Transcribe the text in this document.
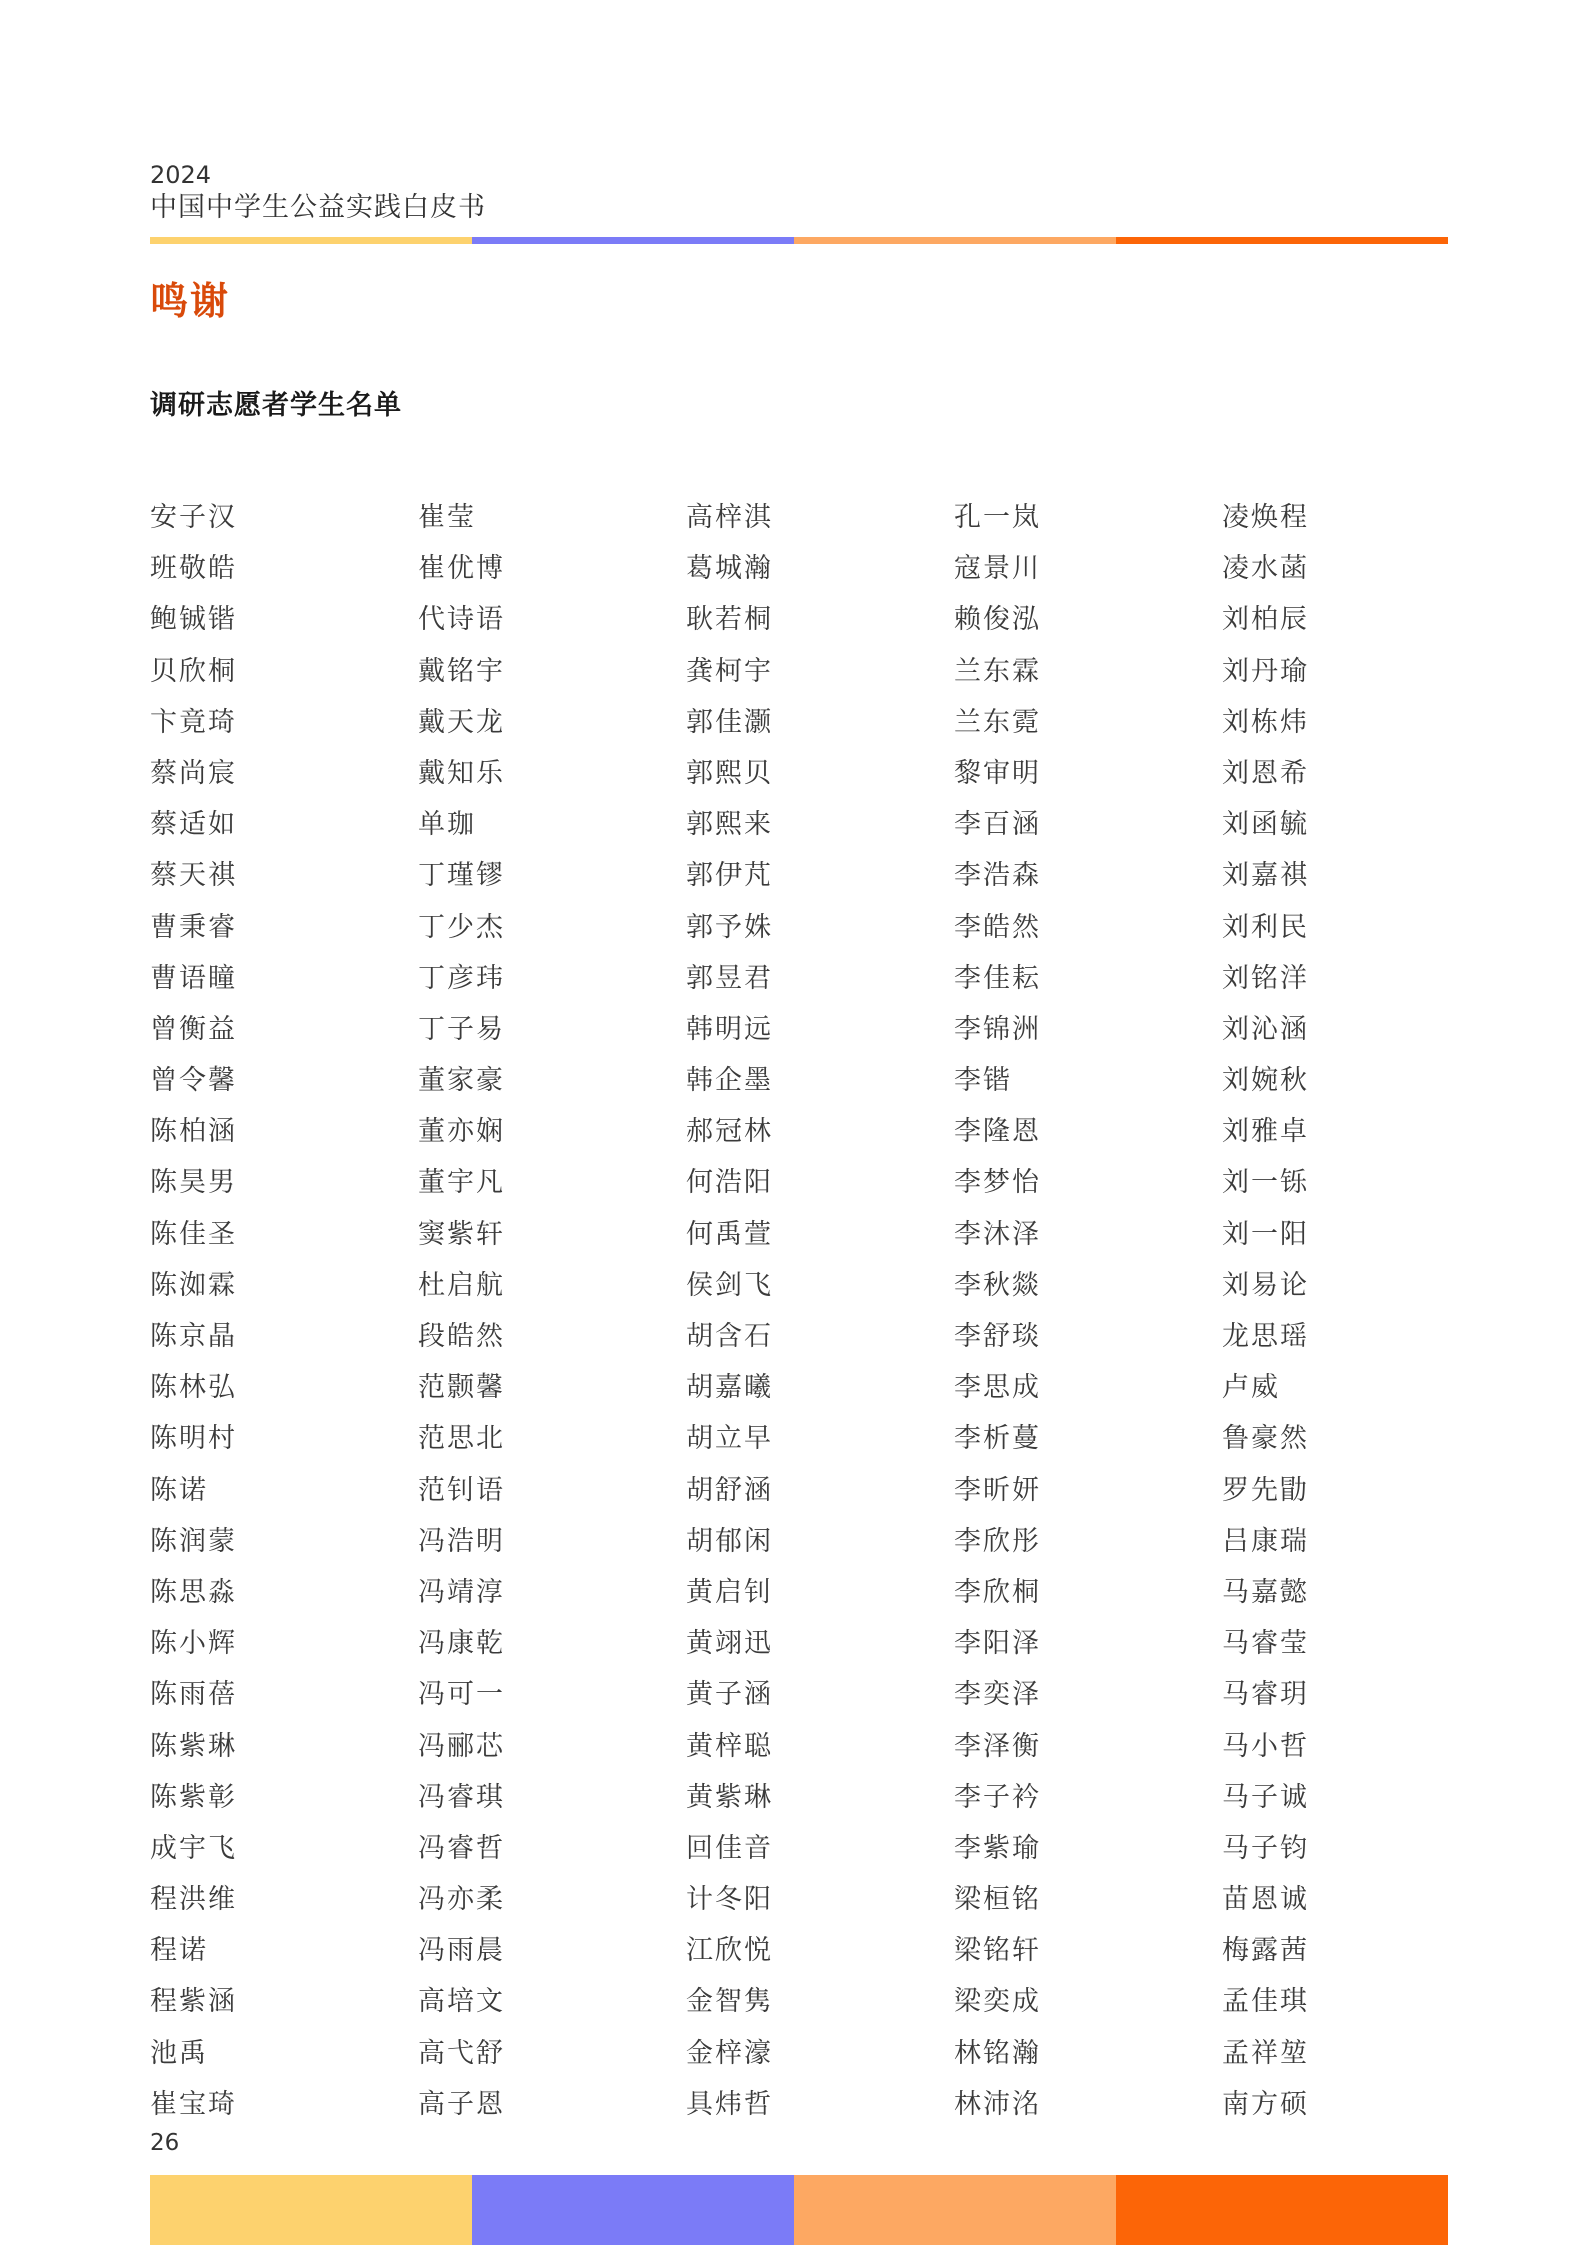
2024
中国中学生公益实践白皮书
鸣谢
调研志愿者学生名单
安子汉
班敬皓
鲍铖锴
贝欣桐
卞竟琦
蔡尚宸
蔡适如
蔡天祺
曹秉睿
曹语瞳
曾衡益
曾令馨
陈柏涵
陈昊男
陈佳圣
陈洳霖
陈京晶
陈林弘
陈明村
陈诺
陈润蒙
陈思淼
陈小辉
陈雨蓓
陈紫琳
陈紫彰
成宇飞
程洪维
程诺
程紫涵
池禹
崔宝琦
崔莹
崔优博
代诗语
戴铭宇
戴天龙
戴知乐
单珈
丁瑾镠
丁少杰
丁彦玮
丁子易
董家豪
董亦娴
董宇凡
窦紫轩
杜启航
段皓然
范颢馨
范思北
范钊语
冯浩明
冯靖淳
冯康乾
冯可一
冯郦芯
冯睿琪
冯睿哲
冯亦柔
冯雨晨
高培文
高弋舒
高子恩
高梓淇
葛城瀚
耿若桐
龚柯宇
郭佳灏
郭熙贝
郭熙来
郭伊芃
郭予姝
郭昱君
韩明远
韩企墨
郝冠林
何浩阳
何禹萱
侯剑飞
胡含石
胡嘉曦
胡立早
胡舒涵
胡郁闲
黄启钊
黄翊迅
黄子涵
黄梓聪
黄紫琳
回佳音
计冬阳
江欣悦
金智隽
金梓濠
具炜哲
孔一岚
寇景川
赖俊泓
兰东霖
兰东霓
黎审明
李百涵
李浩森
李皓然
李佳耘
李锦洲
李锴
李隆恩
李梦怡
李沐泽
李秋燚
李舒琰
李思成
李析蔓
李昕妍
李欣彤
李欣桐
李阳泽
李奕泽
李泽衡
李子衿
李紫瑜
梁桓铭
梁铭轩
梁奕成
林铭瀚
林沛洺
凌焕程
凌水菡
刘柏辰
刘丹瑜
刘栋炜
刘恩希
刘函毓
刘嘉祺
刘利民
刘铭洋
刘沁涵
刘婉秋
刘雅卓
刘一铄
刘一阳
刘易论
龙思瑶
卢威
鲁豪然
罗先勖
吕康瑞
马嘉懿
马睿莹
马睿玥
马小哲
马子诚
马子钧
苗恩诚
梅露茜
孟佳琪
孟祥堃
南方硕
26
